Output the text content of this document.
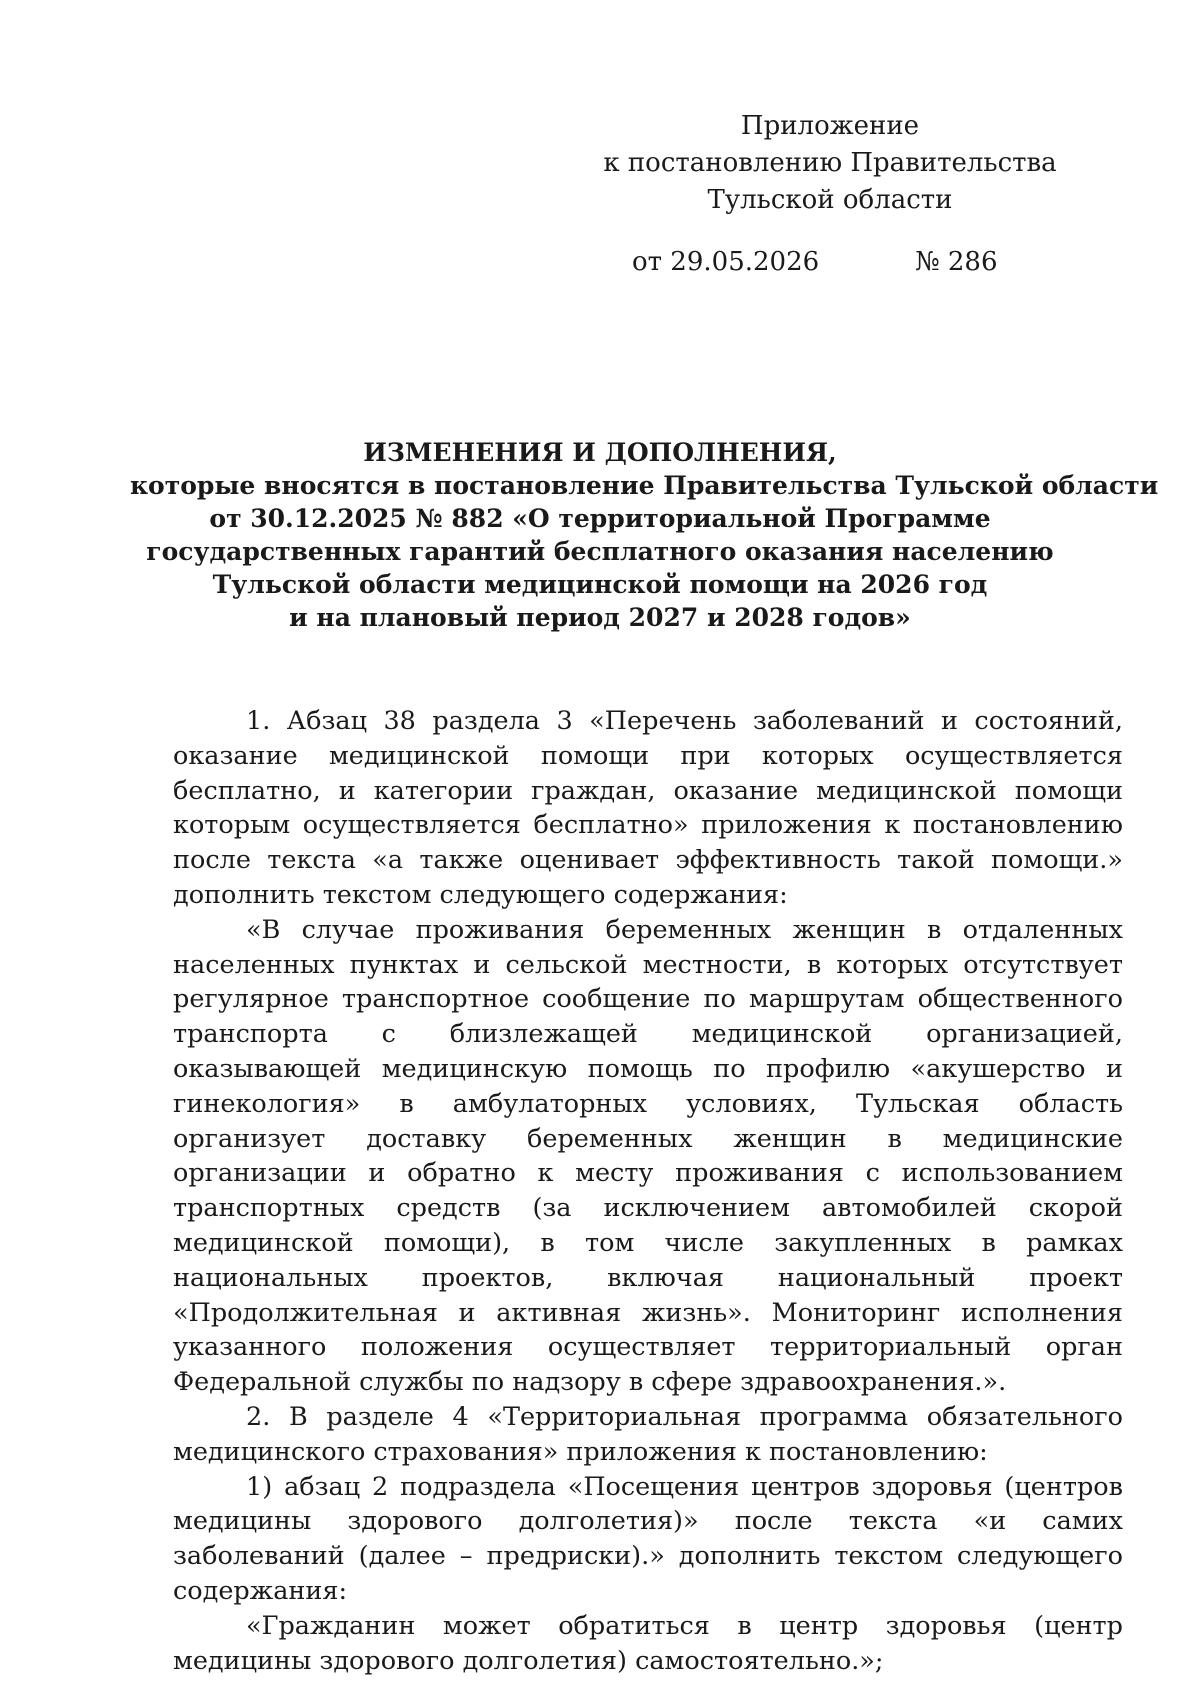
Приложение
к постановлению Правительства
Тульской области
от 29.05.2026	№ 286
ИЗМЕНЕНИЯ И ДОПОЛНЕНИЯ,
которые вносятся в постановление Правительства Тульской области
от 30.12.2025 № 882 «О территориальной Программе
государственных гарантий бесплатного оказания населению
Тульской области медицинской помощи на 2026 год
и на плановый период 2027 и 2028 годов»

1. Абзац 38 раздела 3 «Перечень заболеваний и состояний, оказание медицинской помощи при которых осуществляется бесплатно, и категории граждан, оказание медицинской помощи которым осуществляется бесплатно» приложения к постановлению после текста «а также оценивает эффективность такой помощи.» дополнить текстом следующего содержания:

«В случае проживания беременных женщин в отдаленных населенных пунктах и сельской местности, в которых отсутствует регулярное транспортное сообщение по маршрутам общественного транспорта с близлежащей медицинской организацией, оказывающей медицинскую помощь по профилю «акушерство и гинекология» в амбулаторных условиях, Тульская область организует доставку беременных женщин в медицинские организации и обратно к месту проживания с использованием транспортных средств (за исключением автомобилей скорой медицинской помощи), в том числе закупленных в рамках национальных проектов, включая национальный проект «Продолжительная и активная жизнь». Мониторинг исполнения указанного положения осуществляет территориальный орган Федеральной службы по надзору в сфере здравоохранения.».

2. В разделе 4 «Территориальная программа обязательного медицинского страхования» приложения к постановлению:

1) абзац 2 подраздела «Посещения центров здоровья (центров медицины здорового долголетия)» после текста «и самих заболеваний (далее – предриски).» дополнить текстом следующего содержания:

«Гражданин может обратиться в центр здоровья (центр медицины здорового долголетия) самостоятельно.»;
